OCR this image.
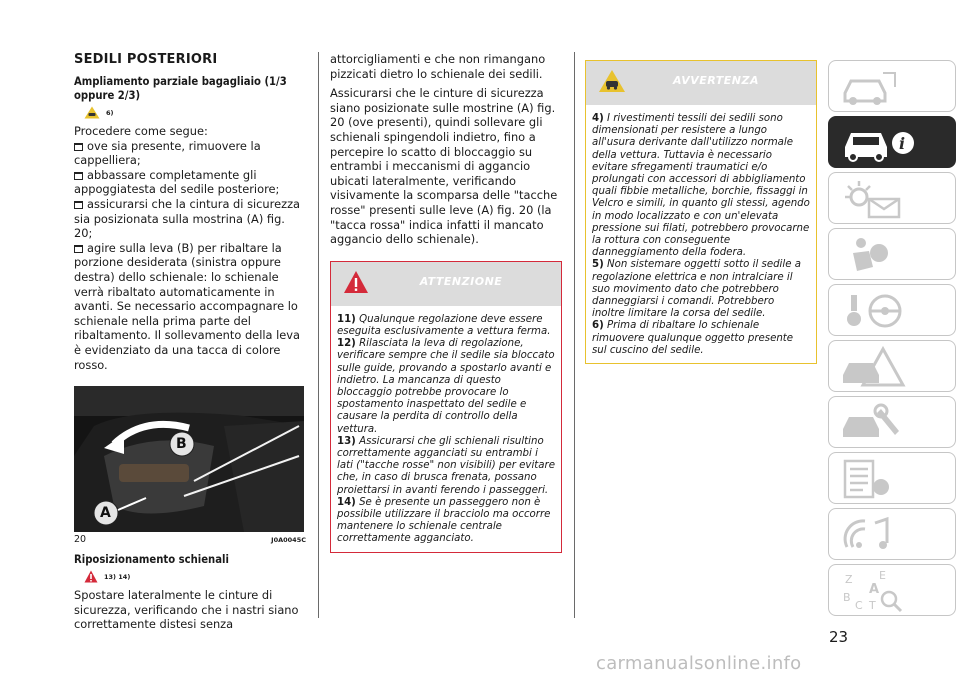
SEDILI POSTERIORI
Ampliamento parziale bagagliaio (1/3 oppure 2/3)
6)
Procedere come segue:
ove sia presente, rimuovere la cappelliera;
abbassare completamente gli appoggiatesta del sedile posteriore;
assicurarsi che la cintura di sicurezza sia posizionata sulla mostrina (A) fig. 20;
agire sulla leva (B) per ribaltare la porzione desiderata (sinistra oppure destra) dello schienale: lo schienale verrà ribaltato automaticamente in avanti. Se necessario accompagnare lo schienale nella prima parte del ribaltamento. Il sollevamento della leva è evidenziato da una tacca di colore rosso.
B
A
20	J0A0045C
Riposizionamento schienali
13) 14)
Spostare lateralmente le cinture di sicurezza, verificando che i nastri siano correttamente distesi senza
attorcigliamenti e che non rimangano pizzicati dietro lo schienale dei sedili.
Assicurarsi che le cinture di sicurezza siano posizionate sulle mostrine (A) fig. 20 (ove presenti), quindi sollevare gli schienali spingendoli indietro, fino a percepire lo scatto di bloccaggio su entrambi i meccanismi di aggancio ubicati lateralmente, verificando visivamente la scomparsa delle "tacche rosse" presenti sulle leve (A) fig. 20 (la "tacca rossa" indica infatti il mancato aggancio dello schienale).
ATTENZIONE
11) Qualunque regolazione deve essere eseguita esclusivamente a vettura ferma.
12) Rilasciata la leva di regolazione, verificare sempre che il sedile sia bloccato sulle guide, provando a spostarlo avanti e indietro. La mancanza di questo bloccaggio potrebbe provocare lo spostamento inaspettato del sedile e causare la perdita di controllo della vettura.
13) Assicurarsi che gli schienali risultino correttamente agganciati su entrambi i lati ("tacche rosse" non visibili) per evitare che, in caso di brusca frenata, possano proiettarsi in avanti ferendo i passeggeri.
14) Se è presente un passeggero non è possibile utilizzare il bracciolo ma occorre mantenere lo schienale centrale correttamente agganciato.
AVVERTENZA
4) I rivestimenti tessili dei sedili sono dimensionati per resistere a lungo all'usura derivante dall'utilizzo normale della vettura. Tuttavia è necessario evitare sfregamenti traumatici e/o prolungati con accessori di abbigliamento quali fibbie metalliche, borchie, fissaggi in Velcro e simili, in quanto gli stessi, agendo in modo localizzato e con un'elevata pressione sui filati, potrebbero provocarne la rottura con conseguente danneggiamento della fodera.
5) Non sistemare oggetti sotto il sedile a regolazione elettrica e non intralciare il suo movimento dato che potrebbero danneggiarsi i comandi. Potrebbero inoltre limitare la corsa del sedile.
6) Prima di ribaltare lo schienale rimuovere qualunque oggetto presente sul cuscino del sedile.
i
Z E
A
B
C T
23
carmanualsonline.info
